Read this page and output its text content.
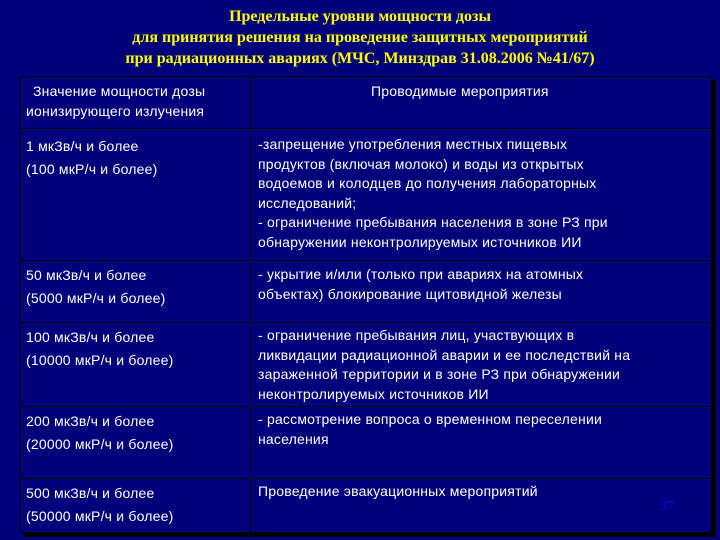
Предельные уровни мощности дозы
для принятия решения на проведение защитных мероприятий
при радиационных авариях (МЧС, Минздрав 31.08.2006 №41/67)
Значение мощности дозы
ионизирующего излучения
Проводимые мероприятия
1 мкЗв/ч и более
(100 мкР/ч и более)
-запрещение употребления местных пищевых
продуктов (включая молоко) и воды из открытых
водоемов и колодцев до получения лабораторных
исследований;
- ограничение пребывания населения в зоне РЗ при
обнаружении неконтролируемых источников ИИ
50 мкЗв/ч и более
(5000 мкР/ч и более)
- укрытие и/или (только при авариях на атомных
объектах) блокирование щитовидной железы
100 мкЗв/ч и более
(10000 мкР/ч и более)
- ограничение пребывания лиц, участвующих в
ликвидации радиационной аварии и ее последствий на
зараженной территории и в зоне РЗ при обнаружении
неконтролируемых источников ИИ
200 мкЗв/ч и более
(20000 мкР/ч и более)
- рассмотрение вопроса о временном переселении
населения
500 мкЗв/ч и более
(50000 мкР/ч и более)
Проведение эвакуационных мероприятий
37
